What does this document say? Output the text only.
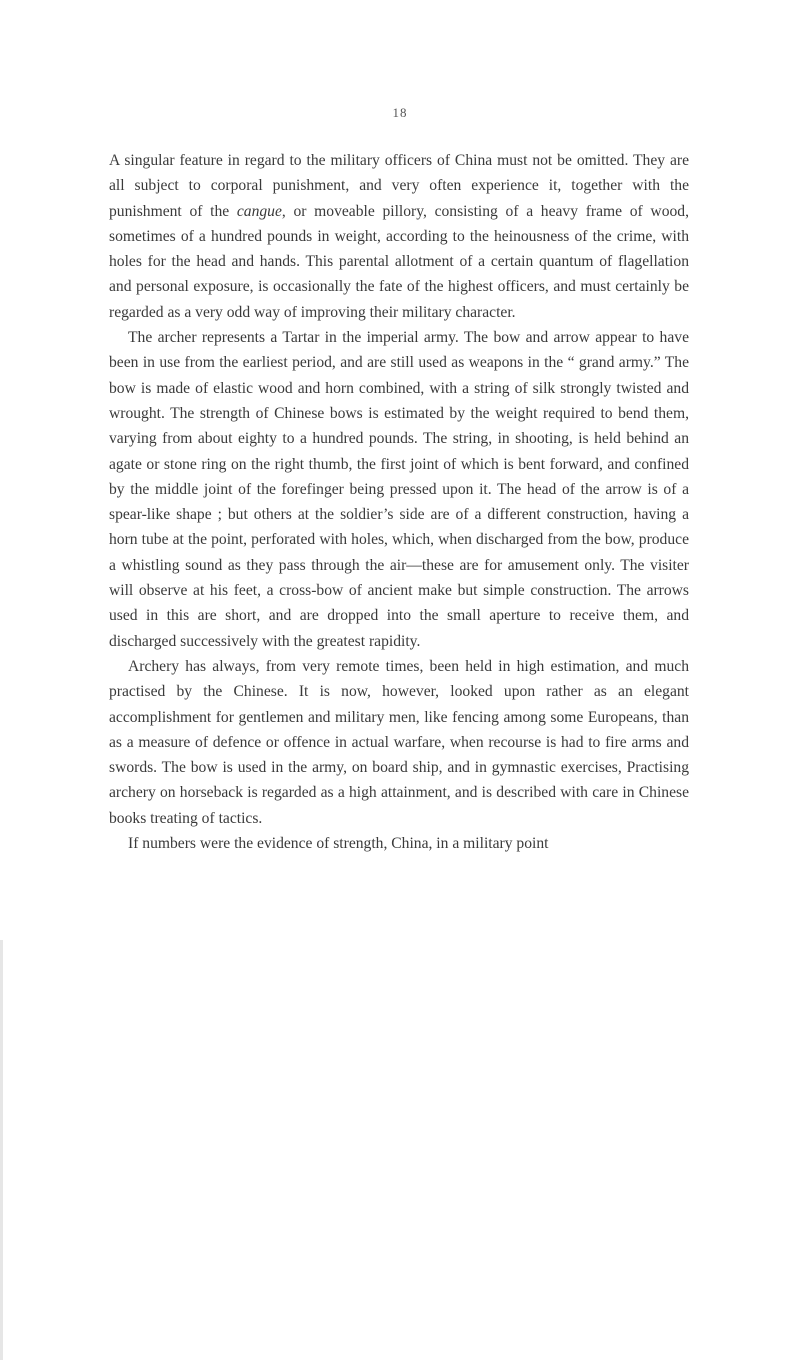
18

A singular feature in regard to the military officers of China must not be omitted. They are all subject to corporal punishment, and very often experience it, together with the punishment of the cangue, or moveable pillory, consisting of a heavy frame of wood, sometimes of a hundred pounds in weight, according to the heinousness of the crime, with holes for the head and hands. This parental allotment of a certain quantum of flagellation and personal exposure, is occasionally the fate of the highest officers, and must certainly be regarded as a very odd way of improving their military character.

The archer represents a Tartar in the imperial army. The bow and arrow appear to have been in use from the earliest period, and are still used as weapons in the “ grand army.” The bow is made of elastic wood and horn combined, with a string of silk strongly twisted and wrought. The strength of Chinese bows is estimated by the weight required to bend them, varying from about eighty to a hundred pounds. The string, in shooting, is held behind an agate or stone ring on the right thumb, the first joint of which is bent forward, and confined by the middle joint of the forefinger being pressed upon it. The head of the arrow is of a spear-like shape ; but others at the soldier’s side are of a different construction, having a horn tube at the point, perforated with holes, which, when discharged from the bow, produce a whistling sound as they pass through the air—these are for amusement only. The visiter will observe at his feet, a cross-bow of ancient make but simple construction. The arrows used in this are short, and are dropped into the small aperture to receive them, and discharged successively with the greatest rapidity.

Archery has always, from very remote times, been held in high estimation, and much practised by the Chinese. It is now, however, looked upon rather as an elegant accomplishment for gentlemen and military men, like fencing among some Europeans, than as a measure of defence or offence in actual warfare, when recourse is had to fire arms and swords. The bow is used in the army, on board ship, and in gymnastic exercises, Practising archery on horseback is regarded as a high attainment, and is described with care in Chinese books treating of tactics.

If numbers were the evidence of strength, China, in a military point
